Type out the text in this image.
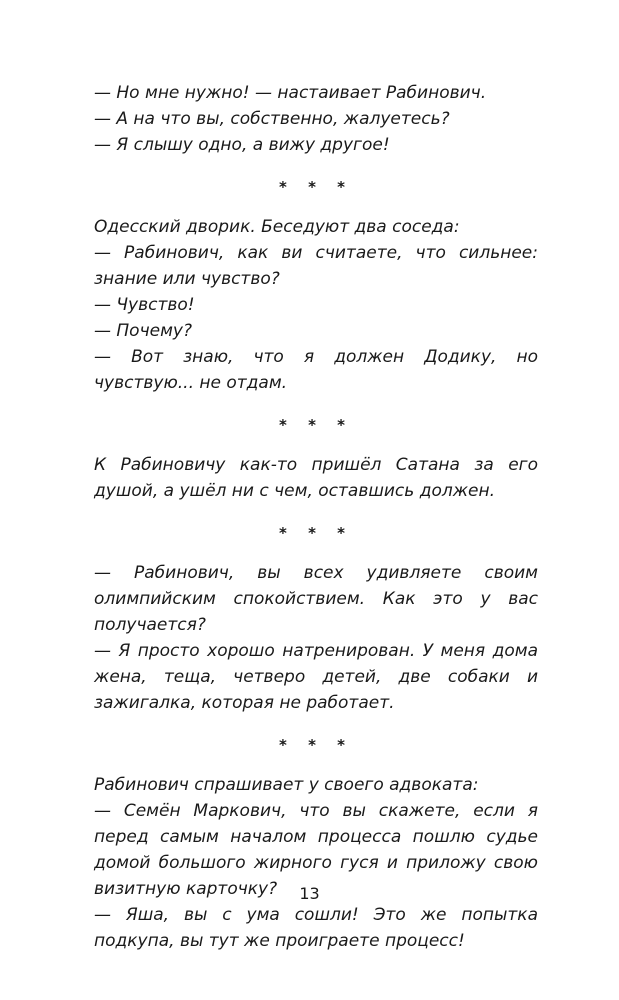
— Но мне нужно! — настаивает Рабинович.

— А на что вы, собственно, жалуетесь?

— Я слышу одно, а вижу другое!

* * *

Одесский дворик. Беседуют два соседа:

— Рабинович, как ви считаете, что сильнее: знание или чувство?

— Чувство!

— Почему?

— Вот знаю, что я должен Додику, но чувствую... не отдам.

* * *

К Рабиновичу как-то пришёл Сатана за его душой, а ушёл ни с чем, оставшись должен.

* * *

— Рабинович, вы всех удивляете своим олимпийским спокойствием. Как это у вас получается?

— Я просто хорошо натренирован. У меня дома жена, теща, четверо детей, две собаки и зажигалка, которая не работает.

* * *

Рабинович спрашивает у своего адвоката:

— Семён Маркович, что вы скажете, если я перед самым началом процесса пошлю судье домой большого жирного гуся и приложу свою визитную карточку?

— Яша, вы с ума сошли! Это же попытка подкупа, вы тут же проиграете процесс!

13
